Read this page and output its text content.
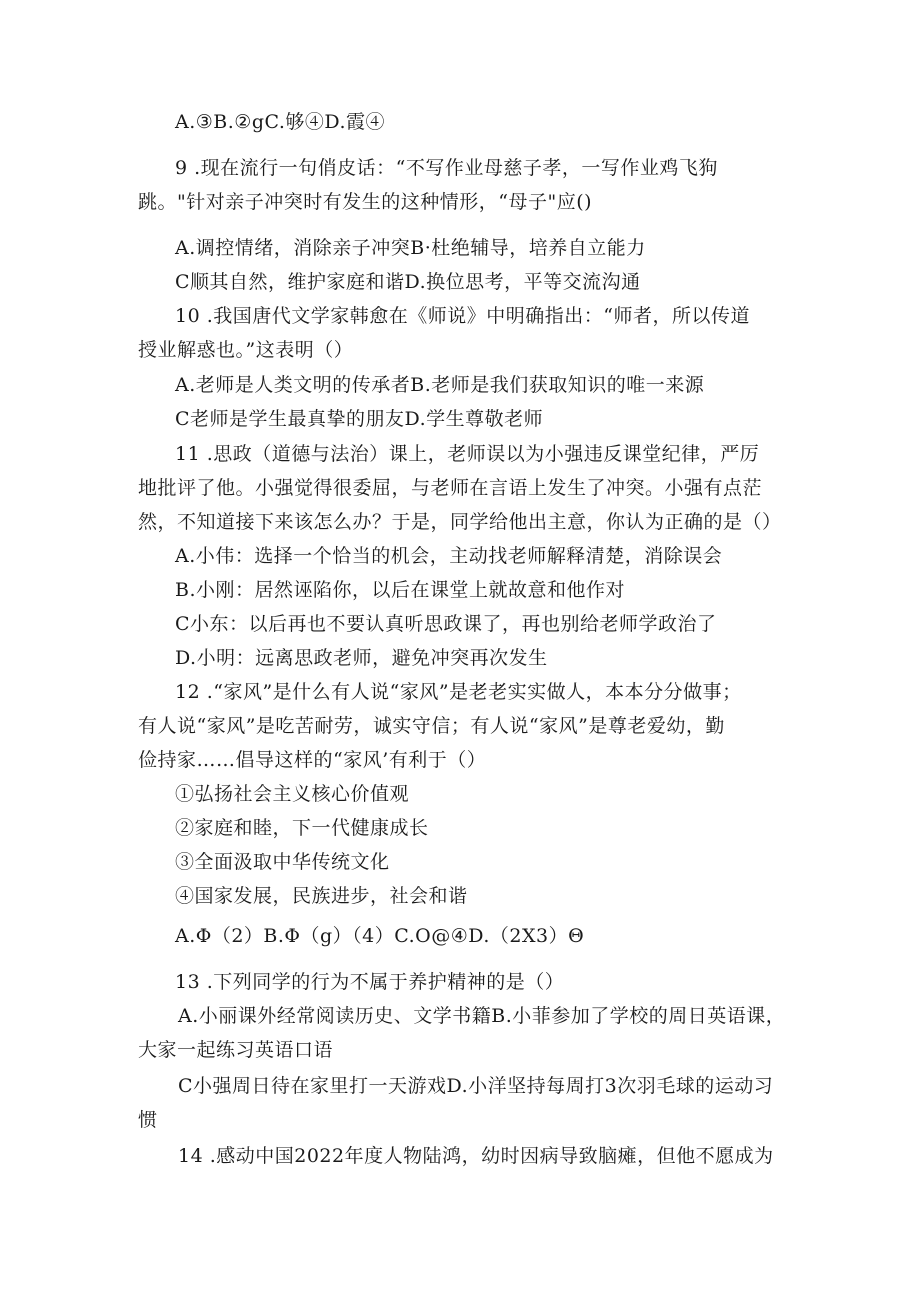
A.③B.②gC.够④D.霞④
9 .现在流行一句俏皮话：“不写作业母慈子孝，一写作业鸡飞狗
跳。"针对亲子冲突时有发生的这种情形，“母子"应()
A.调控情绪，消除亲子冲突B·杜绝辅导，培养自立能力
C顺其自然，维护家庭和谐D.换位思考，平等交流沟通
10 .我国唐代文学家韩愈在《师说》中明确指出：“师者，所以传道
授业解惑也。”这表明（）
A.老师是人类文明的传承者B.老师是我们获取知识的唯一来源
C老师是学生最真挚的朋友D.学生尊敬老师
11 .思政（道德与法治）课上，老师误以为小强违反课堂纪律，严厉
地批评了他。小强觉得很委屈，与老师在言语上发生了冲突。小强有点茫
然，不知道接下来该怎么办？于是，同学给他出主意，你认为正确的是（）
A.小伟：选择一个恰当的机会，主动找老师解释清楚，消除误会
B.小刚：居然诬陷你，以后在课堂上就故意和他作对
C小东：以后再也不要认真听思政课了，再也别给老师学政治了
D.小明：远离思政老师，避免冲突再次发生
12 .“家风”是什么有人说“家风”是老老实实做人，本本分分做事；
有人说“家风”是吃苦耐劳，诚实守信；有人说“家风”是尊老爱幼，勤
俭持家……倡导这样的“家风’有利于（）
①弘扬社会主义核心价值观
②家庭和睦，下一代健康成长
③全面汲取中华传统文化
④国家发展，民族进步，社会和谐
A.Φ（2）B.Φ（g）（4）C.O@④D.（2X3）Θ
13 .下列同学的行为不属于养护精神的是（）
A.小丽课外经常阅读历史、文学书籍B.小菲参加了学校的周日英语课，
大家一起练习英语口语
C小强周日待在家里打一天游戏D.小洋坚持每周打3次羽毛球的运动习
惯
14 .感动中国2022年度人物陆鸿，幼时因病导致脑瘫，但他不愿成为
